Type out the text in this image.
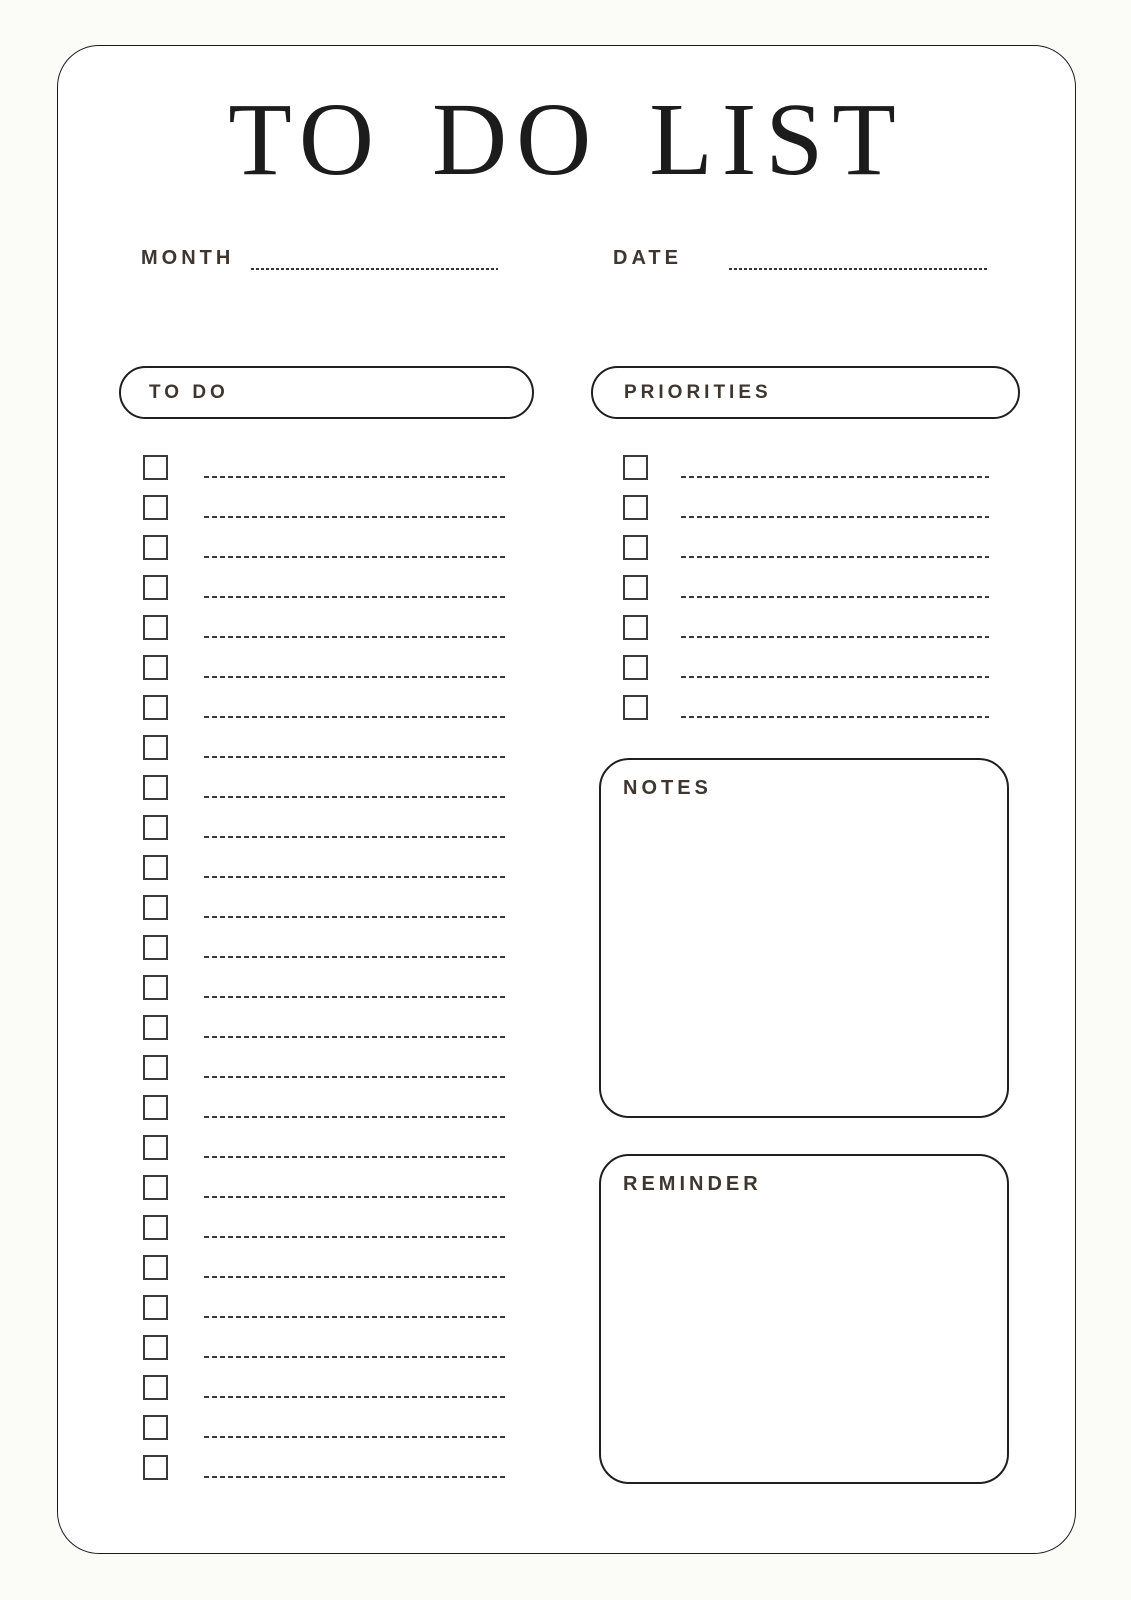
TO DO LIST
MONTH	DATE
TO DO	PRIORITIES
NOTES
REMINDER
